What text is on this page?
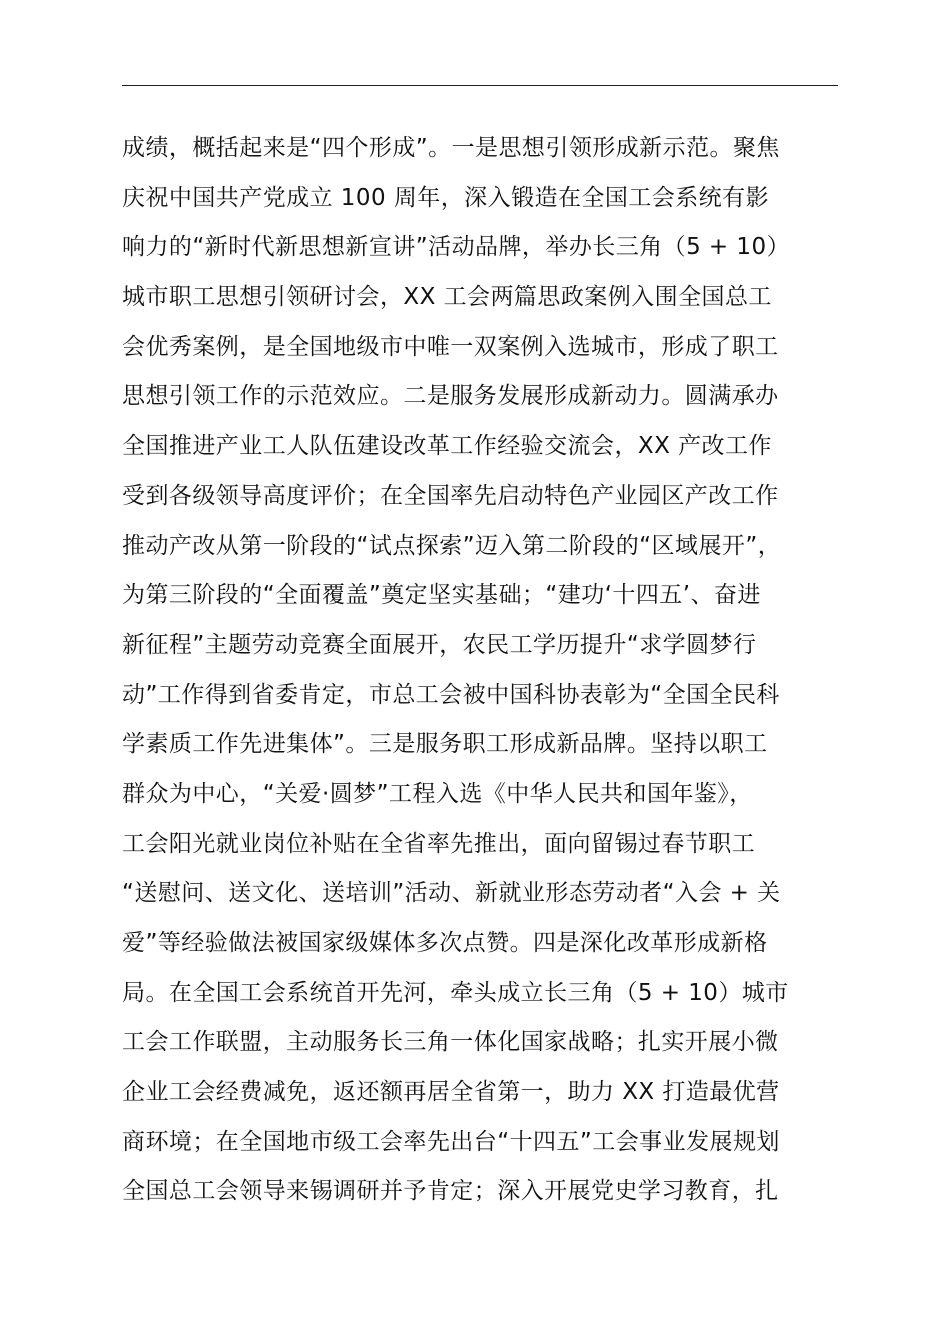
成绩，概括起来是“四个形成”。一是思想引领形成新示范。聚焦
庆祝中国共产党成立 100 周年，深入锻造在全国工会系统有影
响力的“新时代新思想新宣讲”活动品牌，举办长三角（5 + 10）
城市职工思想引领研讨会，XX 工会两篇思政案例入围全国总工
会优秀案例，是全国地级市中唯一双案例入选城市，形成了职工
思想引领工作的示范效应。二是服务发展形成新动力。圆满承办
全国推进产业工人队伍建设改革工作经验交流会，XX 产改工作
受到各级领导高度评价；在全国率先启动特色产业园区产改工作
推动产改从第一阶段的“试点探索”迈入第二阶段的“区域展开”，
为第三阶段的“全面覆盖”奠定坚实基础；“建功‘十四五’、奋进
新征程”主题劳动竞赛全面展开，农民工学历提升“求学圆梦行
动”工作得到省委肯定，市总工会被中国科协表彰为“全国全民科
学素质工作先进集体”。三是服务职工形成新品牌。坚持以职工
群众为中心，“关爱·圆梦”工程入选《中华人民共和国年鉴》，
工会阳光就业岗位补贴在全省率先推出，面向留锡过春节职工
“送慰问、送文化、送培训”活动、新就业形态劳动者“入会 + 关
爱”等经验做法被国家级媒体多次点赞。四是深化改革形成新格
局。在全国工会系统首开先河，牵头成立长三角（5 + 10）城市
工会工作联盟，主动服务长三角一体化国家战略；扎实开展小微
企业工会经费减免，返还额再居全省第一，助力 XX 打造最优营
商环境；在全国地市级工会率先出台“十四五”工会事业发展规划
全国总工会领导来锡调研并予肯定；深入开展党史学习教育，扎
